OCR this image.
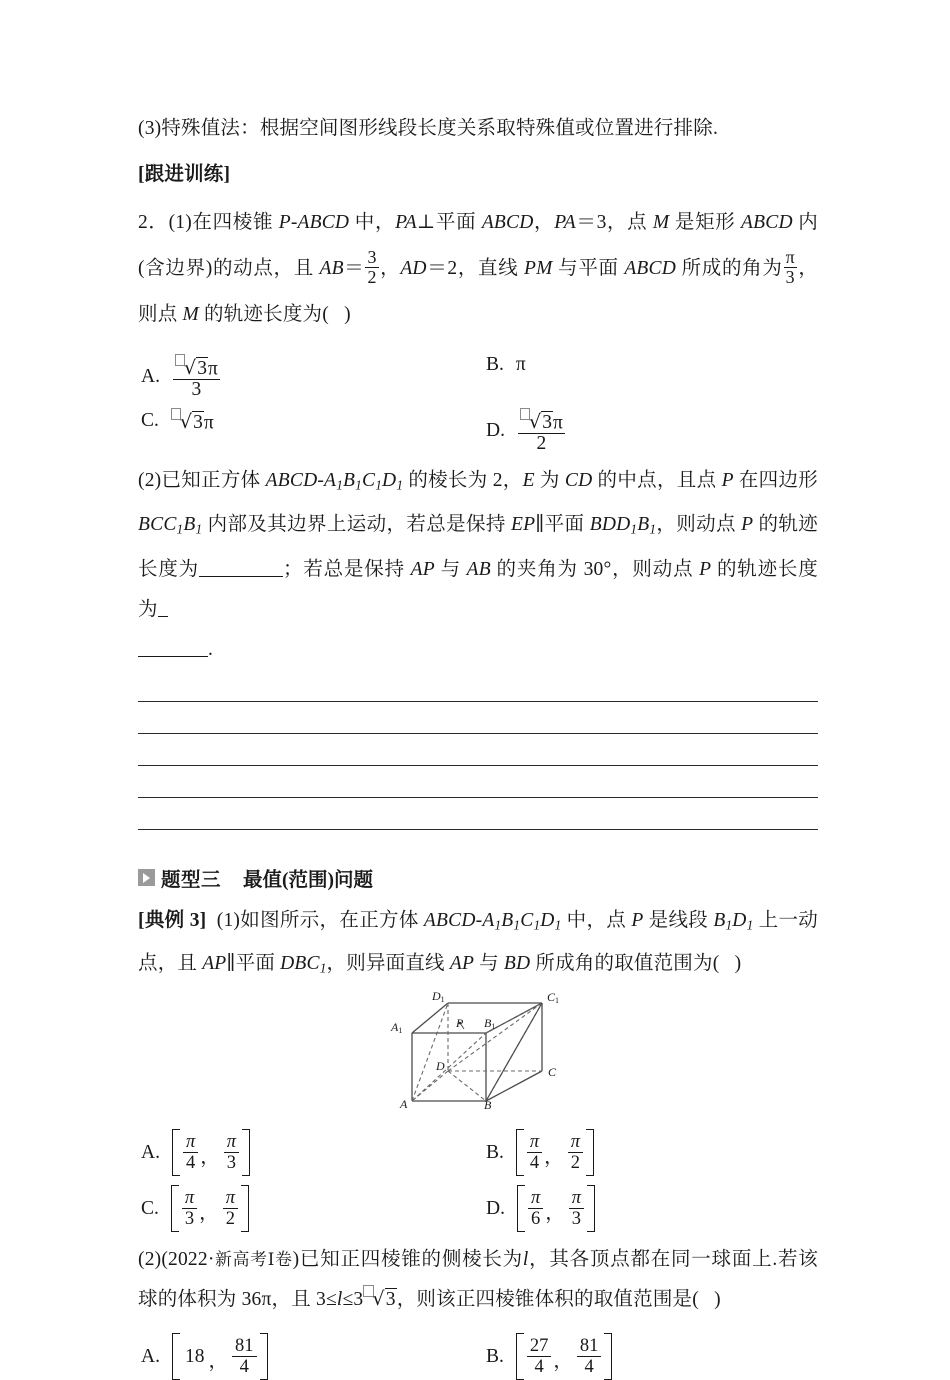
(3)特殊值法：根据空间图形线段长度关系取特殊值或位置进行排除.

[跟进训练]

2．(1)在四棱锥 P-ABCD 中，PA⊥平面 ABCD，PA＝3，点 M 是矩形 ABCD 内(含边界)的动点，且 $AB= \frac{3}{2}$ ，AD＝2，直线 PM 与平面 ABCD 所成的角为 $\frac{\pi}{3}$ ，则点 M 的轨迹长度为( )

A. $\frac{√3\pi}{3}$	B. π
C.	√3π	D. $\frac{√3\pi}{2}$

(2)已知正方体 ABCD-$A_1B_1C_1D_1$ 的棱长为 2，E 为 CD 的中点，且点 P 在四边形 $BCC_1B_1$ 内部及其边界上运动，若总是保持 EP∥平面 $BDD_1B_1$，则动点 P 的轨迹长度为	；若总是保持 AP 与 AB 的夹角为 30°，则动点 P 的轨迹长度为
.

题型三 最值(范围)问题

[典例 3] (1)如图所示，在正方体 ABCD-$A_1B_1C_1D_1$ 中，点 P 是线段 $B_1D_1$ 上一动点，且 AP∥平面 $DBC_1$，则异面直线 AP 与 BD 所成角的取值范围为( )

D1	C1
A1
B1
D	C
A	B
P
A. $\frac{\pi}{4}$ ， $\frac{\pi}{3}$	B. $\frac{\pi}{4}$ ， $\frac{\pi}{2}$
C. $\frac{\pi}{3}$ ， $\frac{\pi}{2}$	D. $\frac{\pi}{6}$ ， $\frac{\pi}{3}$

(2)(2022·新高考Ⅰ卷)已知正四棱锥的侧棱长为l，其各顶点都在同一球面上.若该球的体积为 36π，且 3≤l≤3 √3，则该正四棱锥体积的取值范围是( )

A. 18 ， $\frac{81}{4}$	B. $\frac{27}{4}$ ， $\frac{81}{4}$
